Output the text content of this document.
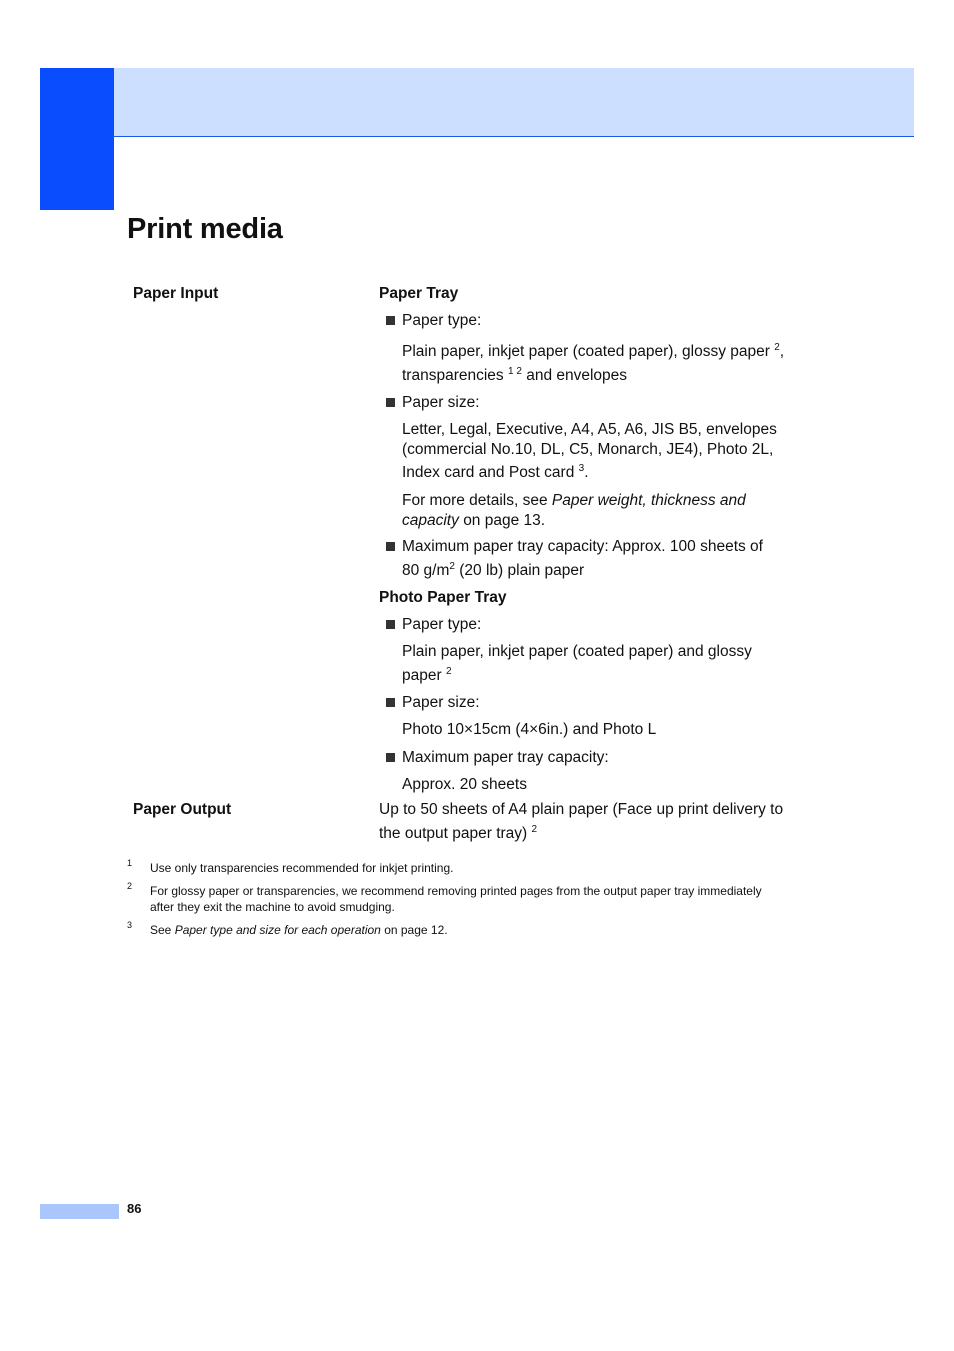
Print media
Paper Input	Paper Tray
Paper type:
Plain paper, inkjet paper (coated paper), glossy paper $^2$,
transparencies $^{1 2}$ and envelopes
Paper size:
Letter, Legal, Executive, A4, A5, A6, JIS B5, envelopes
(commercial No.10, DL, C5, Monarch, JE4), Photo 2L,
Index card and Post card $^3$.
For more details, see Paper weight, thickness and
capacity on page 13.
Maximum paper tray capacity: Approx. 100 sheets of
80 $g/m^2$ (20 lb) plain paper
Photo Paper Tray
Paper type:
Plain paper, inkjet paper (coated paper) and glossy
paper $^2$
Paper size:
Photo 10×15cm (4×6in.) and Photo L
Maximum paper tray capacity:
Approx. 20 sheets
Paper Output	Up to 50 sheets of A4 plain paper (Face up print delivery to
the output paper tray) $^2$
1 Use only transparencies recommended for inkjet printing.
2 For glossy paper or transparencies, we recommend removing printed pages from the output paper tray immediately
after they exit the machine to avoid smudging.
3 See Paper type and size for each operation on page 12.
86
